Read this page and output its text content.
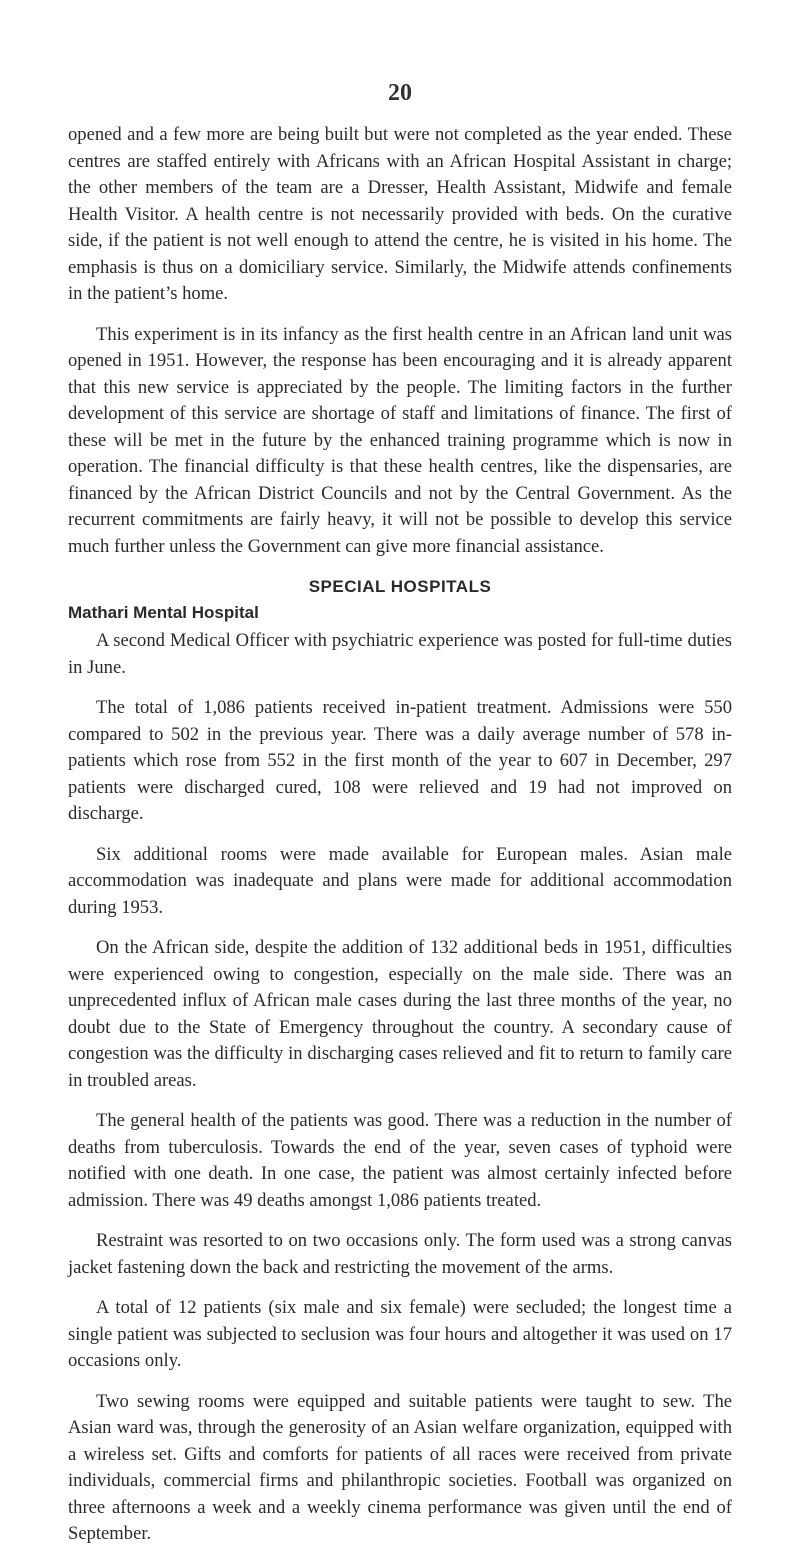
20

opened and a few more are being built but were not completed as the year ended. These centres are staffed entirely with Africans with an African Hospital Assistant in charge; the other members of the team are a Dresser, Health Assistant, Midwife and female Health Visitor. A health centre is not necessarily provided with beds. On the curative side, if the patient is not well enough to attend the centre, he is visited in his home. The emphasis is thus on a domiciliary service. Similarly, the Midwife attends confinements in the patient’s home.

This experiment is in its infancy as the first health centre in an African land unit was opened in 1951. However, the response has been encouraging and it is already apparent that this new service is appreciated by the people. The limiting factors in the further development of this service are shortage of staff and limitations of finance. The first of these will be met in the future by the enhanced training programme which is now in operation. The financial difficulty is that these health centres, like the dispensaries, are financed by the African District Councils and not by the Central Government. As the recurrent commitments are fairly heavy, it will not be possible to develop this service much further unless the Government can give more financial assistance.

SPECIAL HOSPITALS
Mathari Mental Hospital

A second Medical Officer with psychiatric experience was posted for full-time duties in June.

The total of 1,086 patients received in-patient treatment. Admissions were 550 compared to 502 in the previous year. There was a daily average number of 578 in-patients which rose from 552 in the first month of the year to 607 in December, 297 patients were discharged cured, 108 were relieved and 19 had not improved on discharge.

Six additional rooms were made available for European males. Asian male accommodation was inadequate and plans were made for additional accommodation during 1953.

On the African side, despite the addition of 132 additional beds in 1951, difficulties were experienced owing to congestion, especially on the male side. There was an unprecedented influx of African male cases during the last three months of the year, no doubt due to the State of Emergency throughout the country. A secondary cause of congestion was the difficulty in discharging cases relieved and fit to return to family care in troubled areas.

The general health of the patients was good. There was a reduction in the number of deaths from tuberculosis. Towards the end of the year, seven cases of typhoid were notified with one death. In one case, the patient was almost certainly infected before admission. There was 49 deaths amongst 1,086 patients treated.

Restraint was resorted to on two occasions only. The form used was a strong canvas jacket fastening down the back and restricting the movement of the arms.

A total of 12 patients (six male and six female) were secluded; the longest time a single patient was subjected to seclusion was four hours and altogether it was used on 17 occasions only.

Two sewing rooms were equipped and suitable patients were taught to sew. The Asian ward was, through the generosity of an Asian welfare organization, equipped with a wireless set. Gifts and comforts for patients of all races were received from private individuals, commercial firms and philanthropic societies. Football was organized on three afternoons a week and a weekly cinema performance was given until the end of September.
